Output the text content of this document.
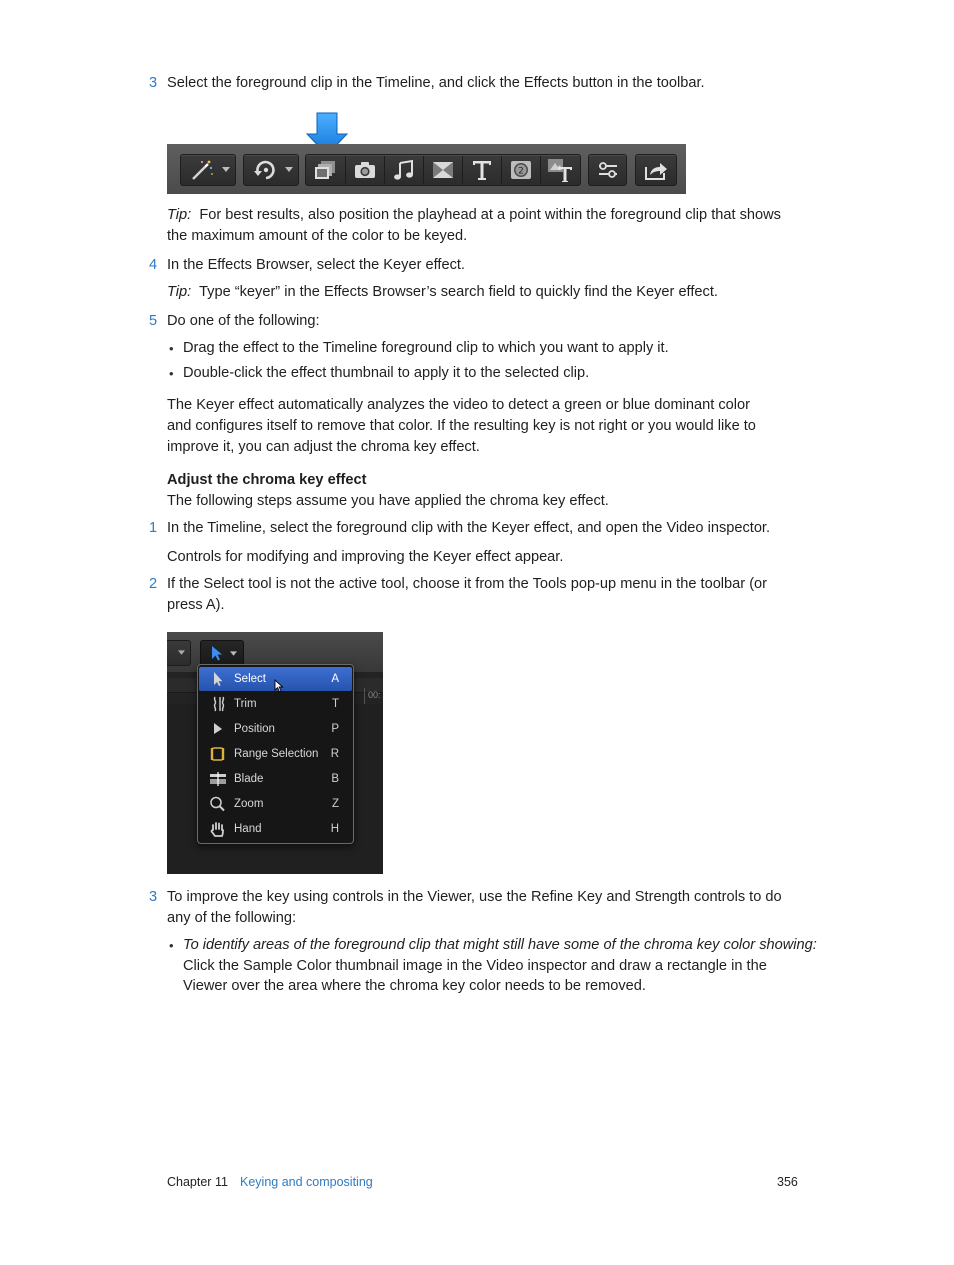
3 Select the foreground clip in the Timeline, and click the Effects button in the toolbar.
2
Tip: For best results, also position the playhead at a point within the foreground clip that shows
the maximum amount of the color to be keyed.
4 In the Effects Browser, select the Keyer effect.
Tip: Type “keyer” in the Effects Browser’s search field to quickly find the Keyer effect.
5 Do one of the following:
• Drag the effect to the Timeline foreground clip to which you want to apply it.
• Double-click the effect thumbnail to apply it to the selected clip.
The Keyer effect automatically analyzes the video to detect a green or blue dominant color
and configures itself to remove that color. If the resulting key is not right or you would like to
improve it, you can adjust the chroma key effect.
Adjust the chroma key effect
The following steps assume you have applied the chroma key effect.
1 In the Timeline, select the foreground clip with the Keyer effect, and open the Video inspector.
Controls for modifying and improving the Keyer effect appear.
2 If the Select tool is not the active tool, choose it from the Tools pop-up menu in the toolbar (or
press A).
00:
Select	A
Trim	T
Position	P
Range Selection R
Blade	B
Zoom	Z
Hand	H
3 To improve the key using controls in the Viewer, use the Refine Key and Strength controls to do
any of the following:
• To identify areas of the foreground clip that might still have some of the chroma key color showing:
Click the Sample Color thumbnail image in the Video inspector and draw a rectangle in the
Viewer over the area where the chroma key color needs to be removed.
Chapter 11 Keying and compositing	356
